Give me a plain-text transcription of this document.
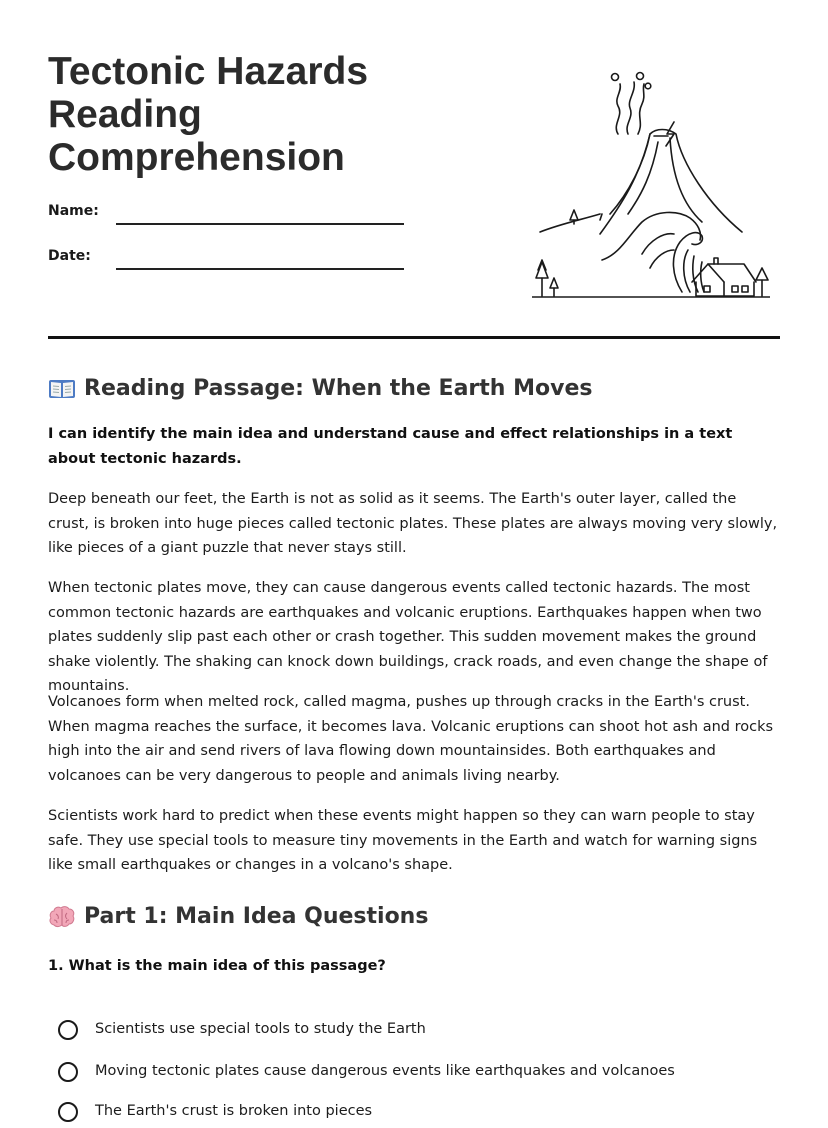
Tectonic Hazards Reading Comprehension
Name:
Date:
Reading Passage: When the Earth Moves

I can identify the main idea and understand cause and effect relationships in a text about tectonic hazards.

Deep beneath our feet, the Earth is not as solid as it seems. The Earth's outer layer, called the crust, is broken into huge pieces called tectonic plates. These plates are always moving very slowly, like pieces of a giant puzzle that never stays still.

When tectonic plates move, they can cause dangerous events called tectonic hazards. The most common tectonic hazards are earthquakes and volcanic eruptions. Earthquakes happen when two plates suddenly slip past each other or crash together. This sudden movement makes the ground shake violently. The shaking can knock down buildings, crack roads, and even change the shape of mountains.

Volcanoes form when melted rock, called magma, pushes up through cracks in the Earth's crust. When magma reaches the surface, it becomes lava. Volcanic eruptions can shoot hot ash and rocks high into the air and send rivers of lava flowing down mountainsides. Both earthquakes and volcanoes can be very dangerous to people and animals living nearby.

Scientists work hard to predict when these events might happen so they can warn people to stay safe. They use special tools to measure tiny movements in the Earth and watch for warning signs like small earthquakes or changes in a volcano's shape.

Part 1: Main Idea Questions

1. What is the main idea of this passage?

Scientists use special tools to study the Earth
Moving tectonic plates cause dangerous events like earthquakes and volcanoes
The Earth's crust is broken into pieces
